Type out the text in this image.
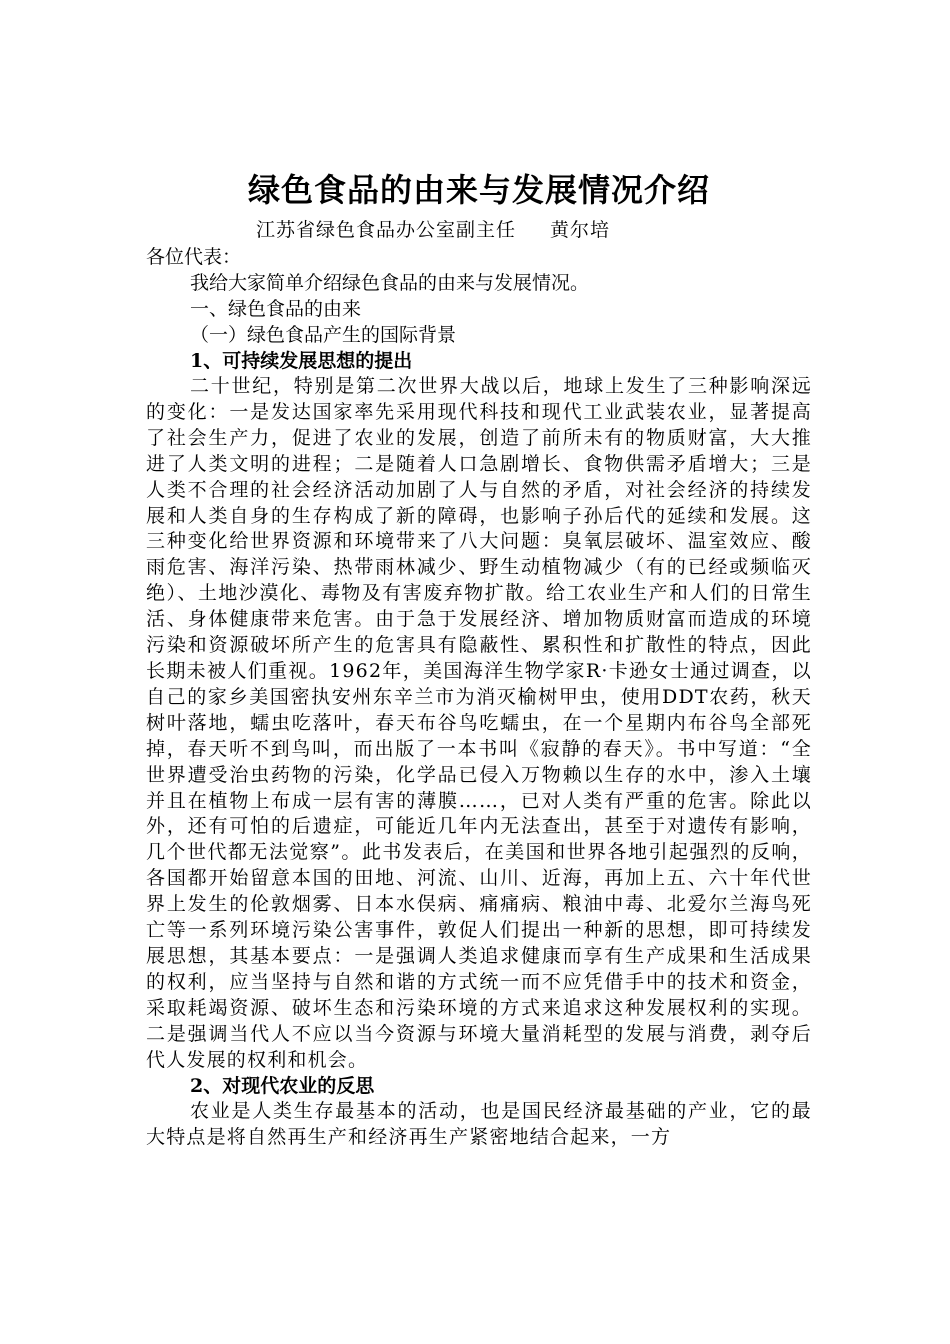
绿色食品的由来与发展情况介绍

江苏省绿色食品办公室副主任 黄尔培

各位代表：

我给大家简单介绍绿色食品的由来与发展情况。

一、绿色食品的由来

（一）绿色食品产生的国际背景

1、可持续发展思想的提出

二十世纪，特别是第二次世界大战以后，地球上发生了三种影响深远的变化：一是发达国家率先采用现代科技和现代工业武装农业，显著提高了社会生产力，促进了农业的发展，创造了前所未有的物质财富，大大推进了人类文明的进程；二是随着人口急剧增长、食物供需矛盾增大；三是人类不合理的社会经济活动加剧了人与自然的矛盾，对社会经济的持续发展和人类自身的生存构成了新的障碍，也影响子孙后代的延续和发展。这三种变化给世界资源和环境带来了八大问题：臭氧层破坏、温室效应、酸雨危害、海洋污染、热带雨林减少、野生动植物减少（有的已经或频临灭绝）、土地沙漠化、毒物及有害废弃物扩散。给工农业生产和人们的日常生活、身体健康带来危害。由于急于发展经济、增加物质财富而造成的环境污染和资源破坏所产生的危害具有隐蔽性、累积性和扩散性的特点，因此长期未被人们重视。1962年，美国海洋生物学家R·卡逊女士通过调查，以自己的家乡美国密执安州东辛兰市为消灭榆树甲虫，使用DDT农药，秋天树叶落地，蠕虫吃落叶，春天布谷鸟吃蠕虫，在一个星期内布谷鸟全部死掉，春天听不到鸟叫，而出版了一本书叫《寂静的春天》。书中写道：“全世界遭受治虫药物的污染，化学品已侵入万物赖以生存的水中，渗入土壤并且在植物上布成一层有害的薄膜……，已对人类有严重的危害。除此以外，还有可怕的后遗症，可能近几年内无法查出，甚至于对遗传有影响，几个世代都无法觉察”。此书发表后，在美国和世界各地引起强烈的反响，各国都开始留意本国的田地、河流、山川、近海，再加上五、六十年代世界上发生的伦敦烟雾、日本水俣病、痛痛病、粮油中毒、北爱尔兰海鸟死亡等一系列环境污染公害事件，敦促人们提出一种新的思想，即可持续发展思想，其基本要点：一是强调人类追求健康而享有生产成果和生活成果的权利，应当坚持与自然和谐的方式统一而不应凭借手中的技术和资金，采取耗竭资源、破坏生态和污染环境的方式来追求这种发展权利的实现。二是强调当代人不应以当今资源与环境大量消耗型的发展与消费，剥夺后代人发展的权利和机会。

2、对现代农业的反思

农业是人类生存最基本的活动，也是国民经济最基础的产业，它的最大特点是将自然再生产和经济再生产紧密地结合起来，一方
